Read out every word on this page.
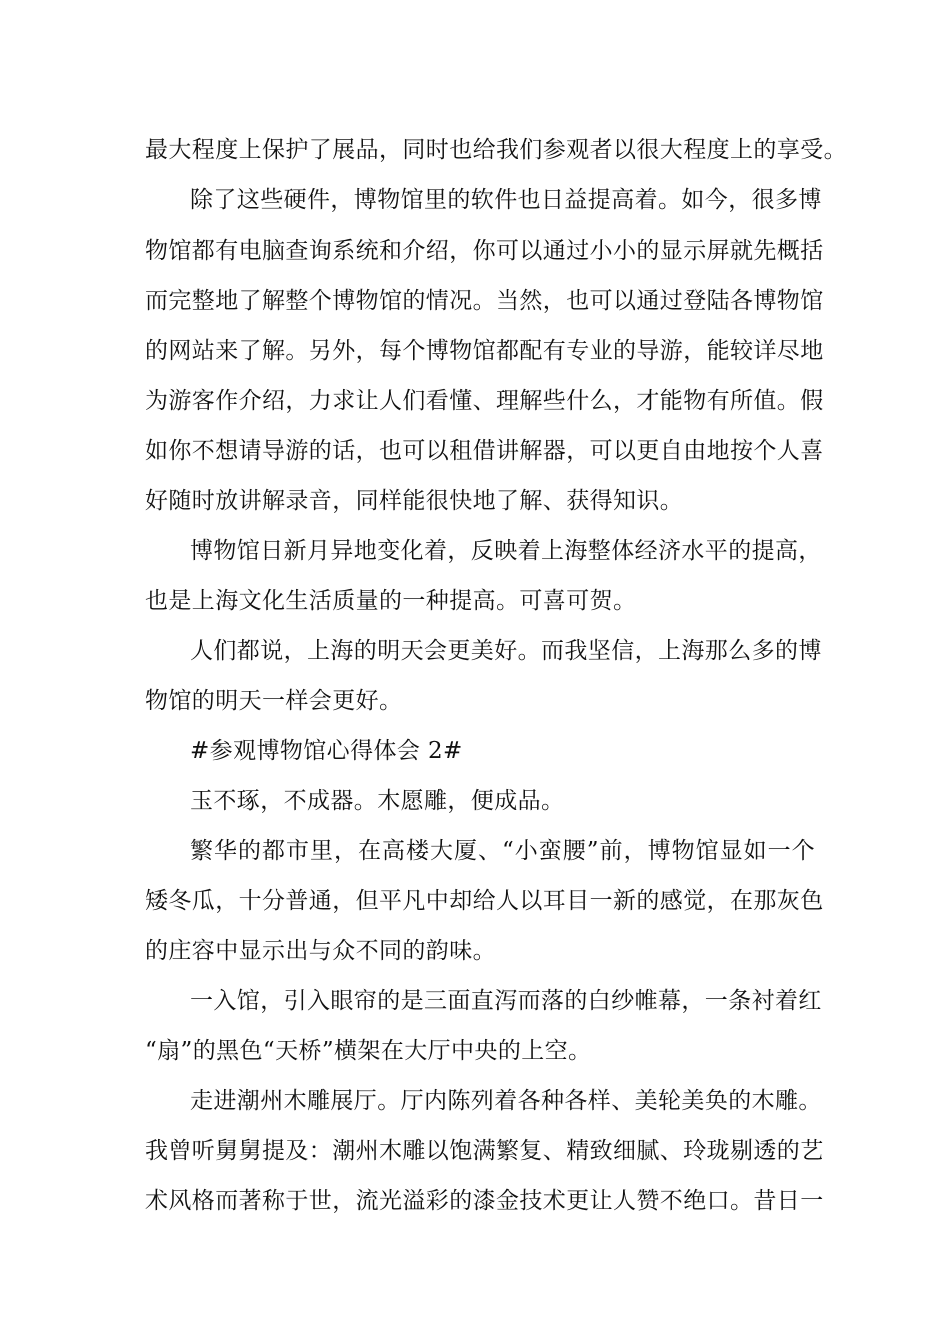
最大程度上保护了展品，同时也给我们参观者以很大程度上的享受。
除了这些硬件，博物馆里的软件也日益提高着。如今，很多博
物馆都有电脑查询系统和介绍，你可以通过小小的显示屏就先概括
而完整地了解整个博物馆的情况。当然，也可以通过登陆各博物馆
的网站来了解。另外，每个博物馆都配有专业的导游，能较详尽地
为游客作介绍，力求让人们看懂、理解些什么，才能物有所值。假
如你不想请导游的话，也可以租借讲解器，可以更自由地按个人喜
好随时放讲解录音，同样能很快地了解、获得知识。
博物馆日新月异地变化着，反映着上海整体经济水平的提高，
也是上海文化生活质量的一种提高。可喜可贺。
人们都说，上海的明天会更美好。而我坚信，上海那么多的博
物馆的明天一样会更好。
#参观博物馆心得体会 2#
玉不琢，不成器。木愿雕，便成品。
繁华的都市里，在高楼大厦、“小蛮腰”前，博物馆显如一个
矮冬瓜，十分普通，但平凡中却给人以耳目一新的感觉，在那灰色
的庄容中显示出与众不同的韵味。
一入馆，引入眼帘的是三面直泻而落的白纱帷幕，一条衬着红
“扇”的黑色“天桥”横架在大厅中央的上空。
走进潮州木雕展厅。厅内陈列着各种各样、美轮美奂的木雕。
我曾听舅舅提及：潮州木雕以饱满繁复、精致细腻、玲珑剔透的艺
术风格而著称于世，流光溢彩的漆金技术更让人赞不绝口。昔日一
